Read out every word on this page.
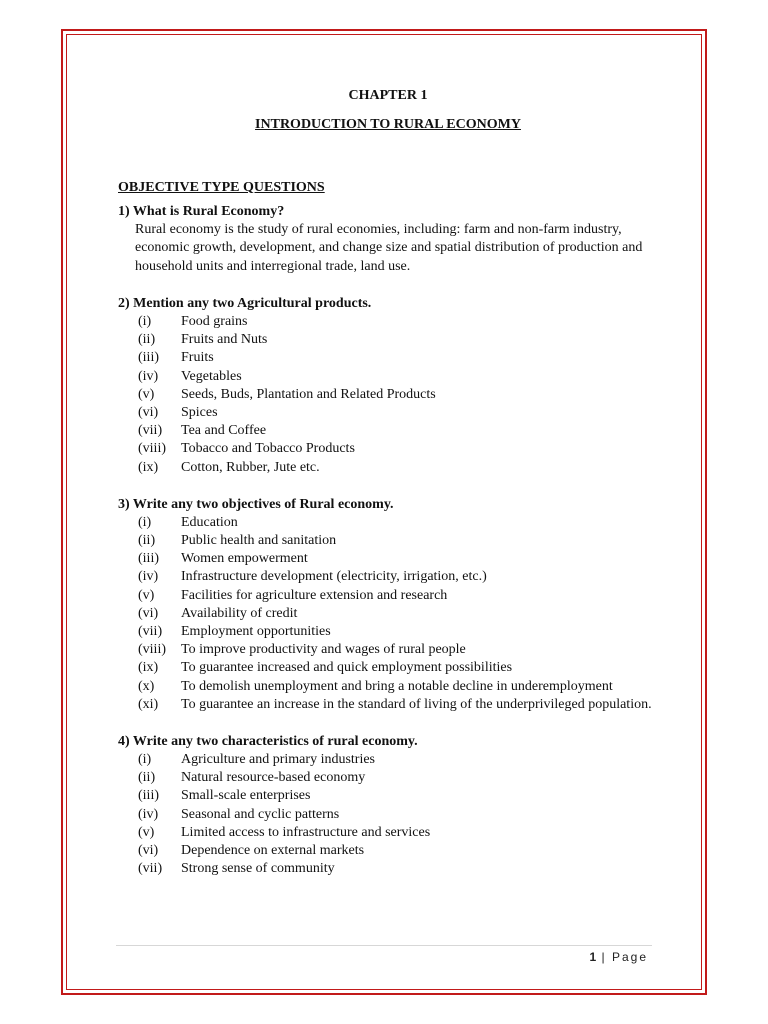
CHAPTER 1

INTRODUCTION TO RURAL ECONOMY

OBJECTIVE TYPE QUESTIONS
1) What is Rural Economy?
Rural economy is the study of rural economies, including: farm and non-farm industry, economic growth, development, and change size and spatial distribution of production and household units and interregional trade, land use.
2) Mention any two Agricultural products.
(i)	Food grains
(ii)	Fruits and Nuts
(iii)	Fruits
(iv)	Vegetables
(v)	Seeds, Buds, Plantation and Related Products
(vi)	Spices
(vii)	Tea and Coffee
(viii)	Tobacco and Tobacco Products
(ix)	Cotton, Rubber, Jute etc.
3) Write any two objectives of Rural economy.
(i)	Education
(ii)	Public health and sanitation
(iii)	Women empowerment
(iv)	Infrastructure development (electricity, irrigation, etc.)
(v)	Facilities for agriculture extension and research
(vi)	Availability of credit
(vii)	Employment opportunities
(viii)	To improve productivity and wages of rural people
(ix)	To guarantee increased and quick employment possibilities
(x)	To demolish unemployment and bring a notable decline in underemployment
(xi)	To guarantee an increase in the standard of living of the underprivileged population.
4) Write any two characteristics of rural economy.
(i)	Agriculture and primary industries
(ii)	Natural resource-based economy
(iii)	Small-scale enterprises
(iv)	Seasonal and cyclic patterns
(v)	Limited access to infrastructure and services
(vi)	Dependence on external markets
(vii)	Strong sense of community
1 | Page
